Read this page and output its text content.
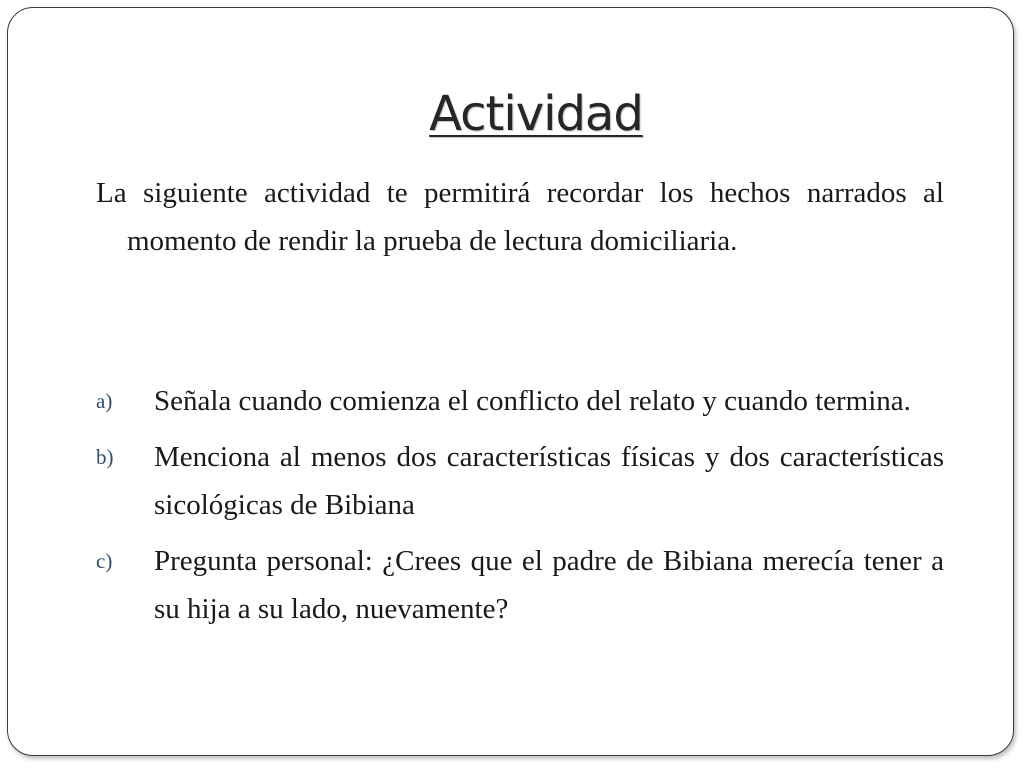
Actividad

La siguiente actividad te permitirá recordar los hechos narrados al momento de rendir la prueba de lectura domiciliaria.

a) Señala cuando comienza el conflicto del relato y cuando termina.
b) Menciona al menos dos características físicas y dos características sicológicas de Bibiana
c) Pregunta personal: ¿Crees que el padre de Bibiana merecía tener a su hija a su lado, nuevamente?
